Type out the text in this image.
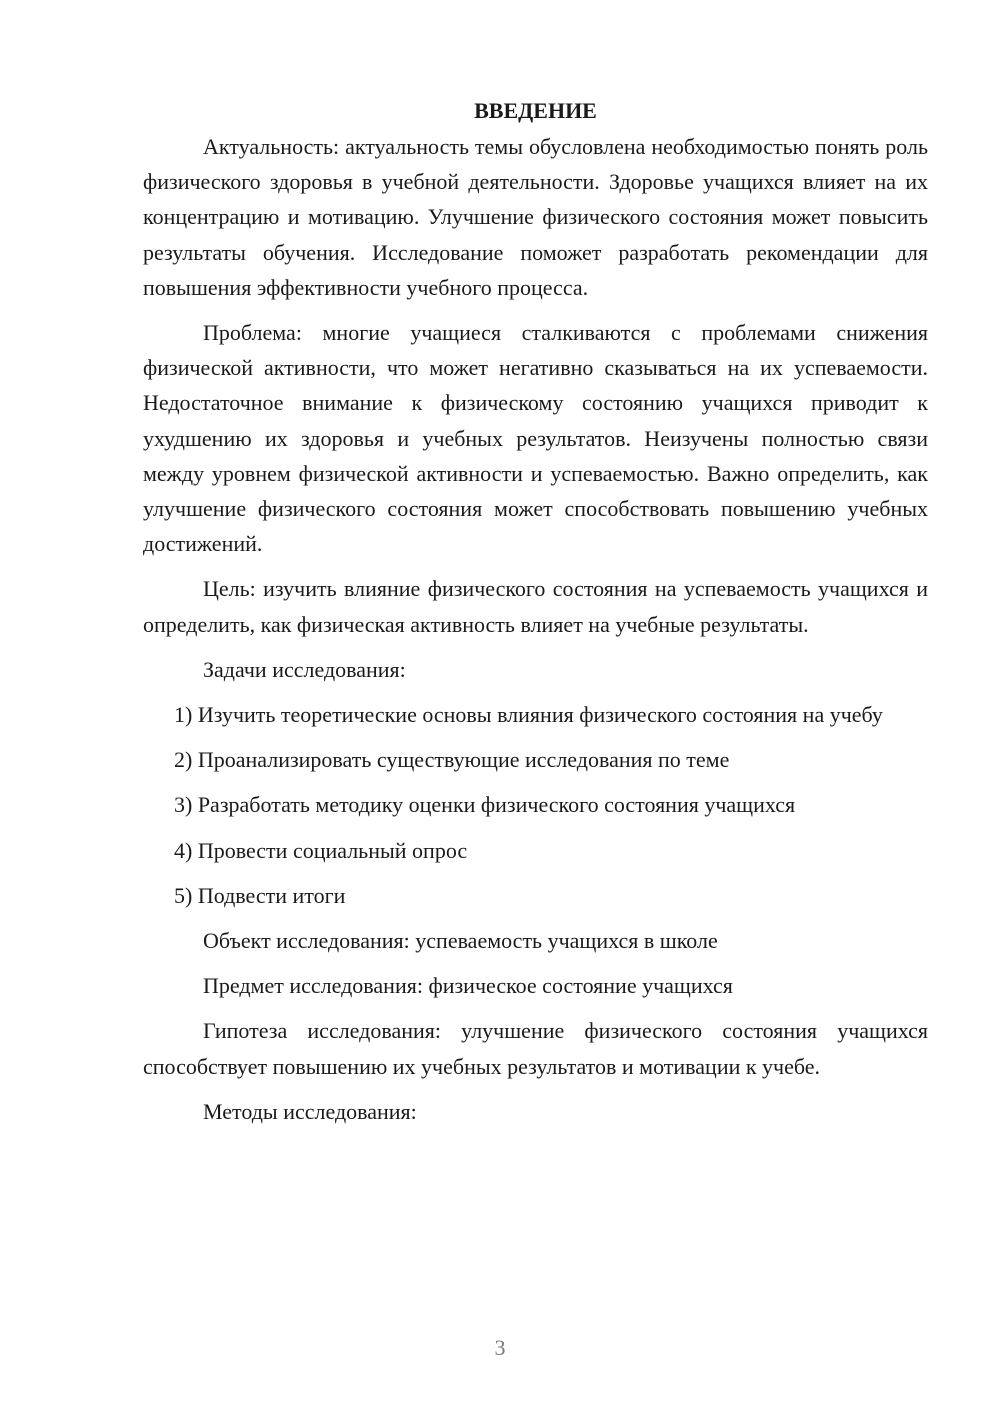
ВВЕДЕНИЕ

Актуальность: актуальность темы обусловлена необходимостью понять роль физического здоровья в учебной деятельности. Здоровье учащихся влияет на их концентрацию и мотивацию. Улучшение физического состояния может повысить результаты обучения. Исследование поможет разработать рекомендации для повышения эффективности учебного процесса.

Проблема: многие учащиеся сталкиваются с проблемами снижения физической активности, что может негативно сказываться на их успеваемости. Недостаточное внимание к физическому состоянию учащихся приводит к ухудшению их здоровья и учебных результатов. Неизучены полностью связи между уровнем физической активности и успеваемостью. Важно определить, как улучшение физического состояния может способствовать повышению учебных достижений.

Цель: изучить влияние физического состояния на успеваемость учащихся и определить, как физическая активность влияет на учебные результаты.

Задачи исследования:

1) Изучить теоретические основы влияния физического состояния на учебу

2) Проанализировать существующие исследования по теме

3) Разработать методику оценки физического состояния учащихся

4) Провести социальный опрос

5) Подвести итоги

Объект исследования: успеваемость учащихся в школе

Предмет исследования: физическое состояние учащихся

Гипотеза исследования: улучшение физического состояния учащихся способствует повышению их учебных результатов и мотивации к учебе.

Методы исследования:

3
